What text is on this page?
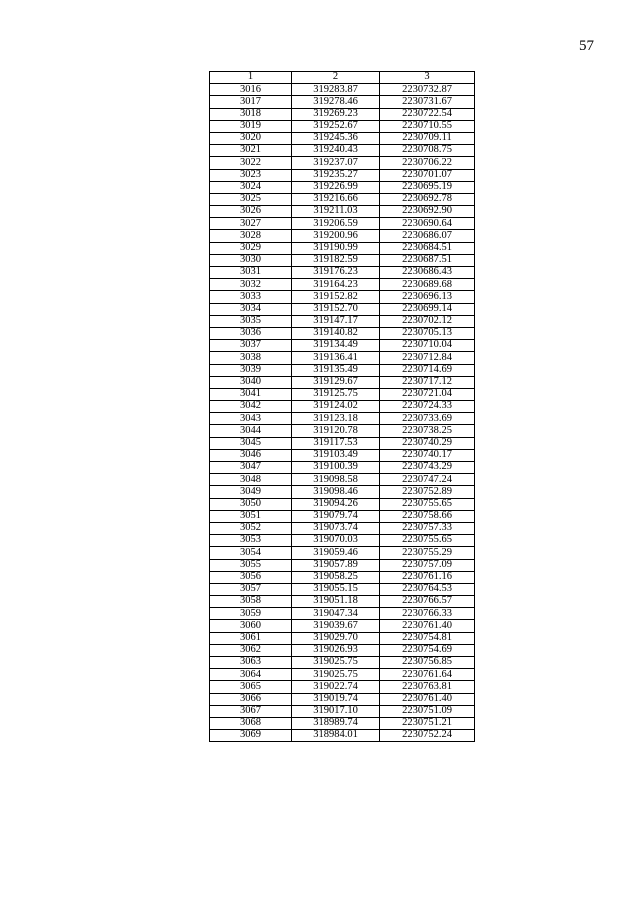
57
1	2	3
3016	319283.87	2230732.87
3017	319278.46	2230731.67
3018	319269.23	2230722.54
3019	319252.67	2230710.55
3020	319245.36	2230709.11
3021	319240.43	2230708.75
3022	319237.07	2230706.22
3023	319235.27	2230701.07
3024	319226.99	2230695.19
3025	319216.66	2230692.78
3026	319211.03	2230692.90
3027	319206.59	2230690.64
3028	319200.96	2230686.07
3029	319190.99	2230684.51
3030	319182.59	2230687.51
3031	319176.23	2230686.43
3032	319164.23	2230689.68
3033	319152.82	2230696.13
3034	319152.70	2230699.14
3035	319147.17	2230702.12
3036	319140.82	2230705.13
3037	319134.49	2230710.04
3038	319136.41	2230712.84
3039	319135.49	2230714.69
3040	319129.67	2230717.12
3041	319125.75	2230721.04
3042	319124.02	2230724.33
3043	319123.18	2230733.69
3044	319120.78	2230738.25
3045	319117.53	2230740.29
3046	319103.49	2230740.17
3047	319100.39	2230743.29
3048	319098.58	2230747.24
3049	319098.46	2230752.89
3050	319094.26	2230755.65
3051	319079.74	2230758.66
3052	319073.74	2230757.33
3053	319070.03	2230755.65
3054	319059.46	2230755.29
3055	319057.89	2230757.09
3056	319058.25	2230761.16
3057	319055.15	2230764.53
3058	319051.18	2230766.57
3059	319047.34	2230766.33
3060	319039.67	2230761.40
3061	319029.70	2230754.81
3062	319026.93	2230754.69
3063	319025.75	2230756.85
3064	319025.75	2230761.64
3065	319022.74	2230763.81
3066	319019.74	2230761.40
3067	319017.10	2230751.09
3068	318989.74	2230751.21
3069	318984.01	2230752.24
